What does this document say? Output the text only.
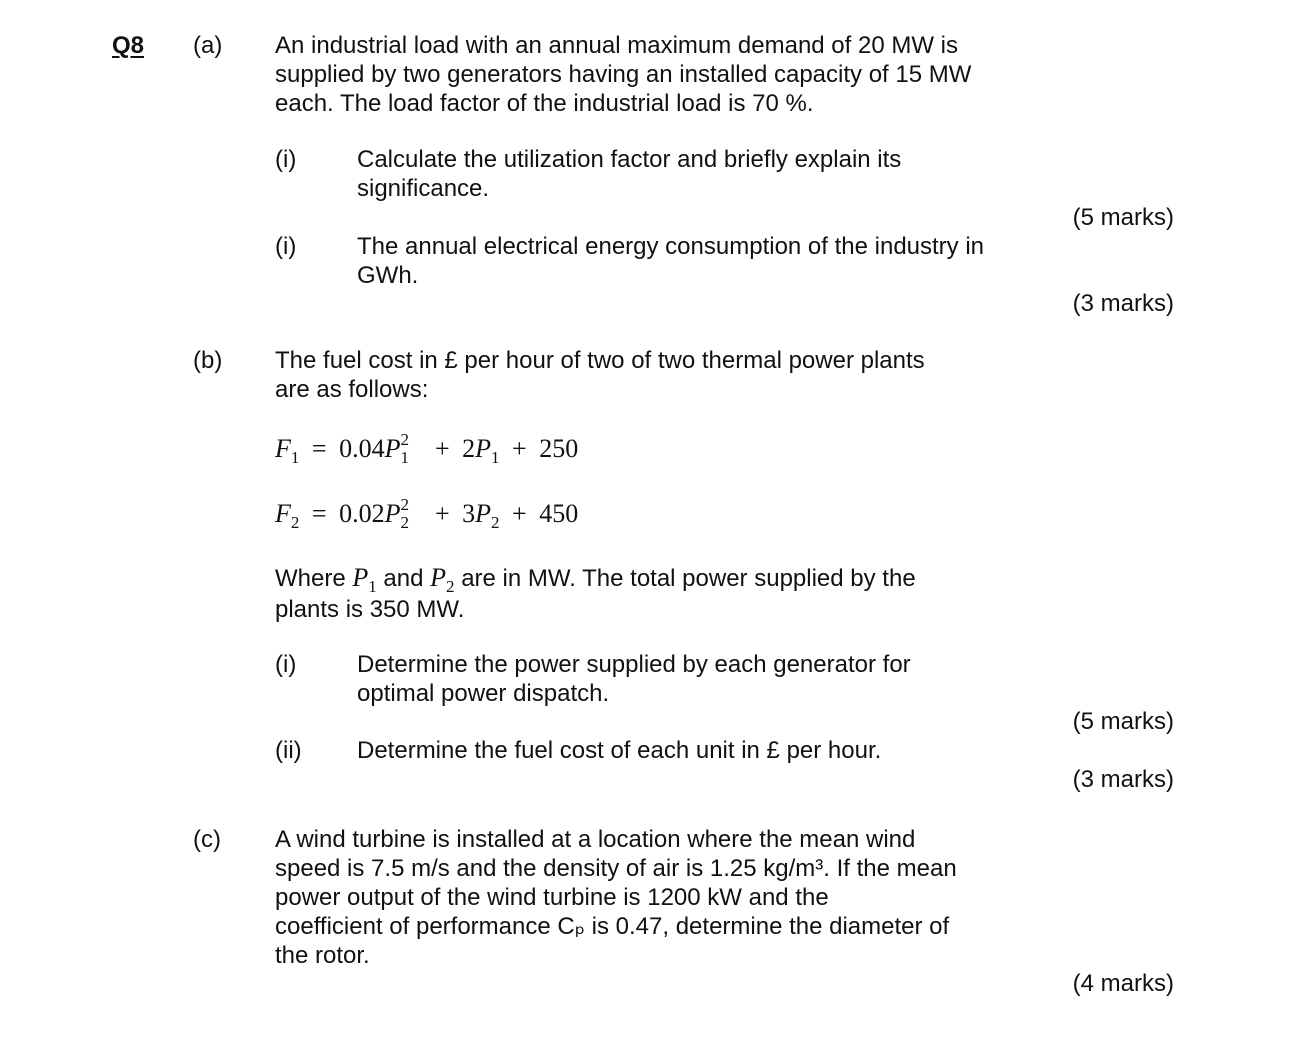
Q8 (a) An industrial load with an annual maximum demand of 20 MW is
supplied by two generators having an installed capacity of 15 MW
each. The load factor of the industrial load is 70 %.
(i)	Calculate the utilization factor and briefly explain its
significance.
(5 marks)
(i)	The annual electrical energy consumption of the industry in
GWh.
(3 marks)
(b) The fuel cost in £ per hour of two of two thermal power plants
are as follows:
$F_1 = 0.04P$ 2
$1 + 2P_1 + 250$
$F_2 = 0.02P$ 2
$2 + 3P_2 + 450$
Where $P_1$ and $P_2$ are in MW. The total power supplied by the
plants is 350 MW.
(i)	Determine the power supplied by each generator for
optimal power dispatch.
(5 marks)
(ii) Determine the fuel cost of each unit in £ per hour.
(3 marks)
(c) A wind turbine is installed at a location where the mean wind
speed is 7.5 m/s and the density of air is 1.25 kg/m³. If the mean
power output of the wind turbine is 1200 kW and the
coefficient of performance Cₚ is 0.47, determine the diameter of
the rotor.
(4 marks)
